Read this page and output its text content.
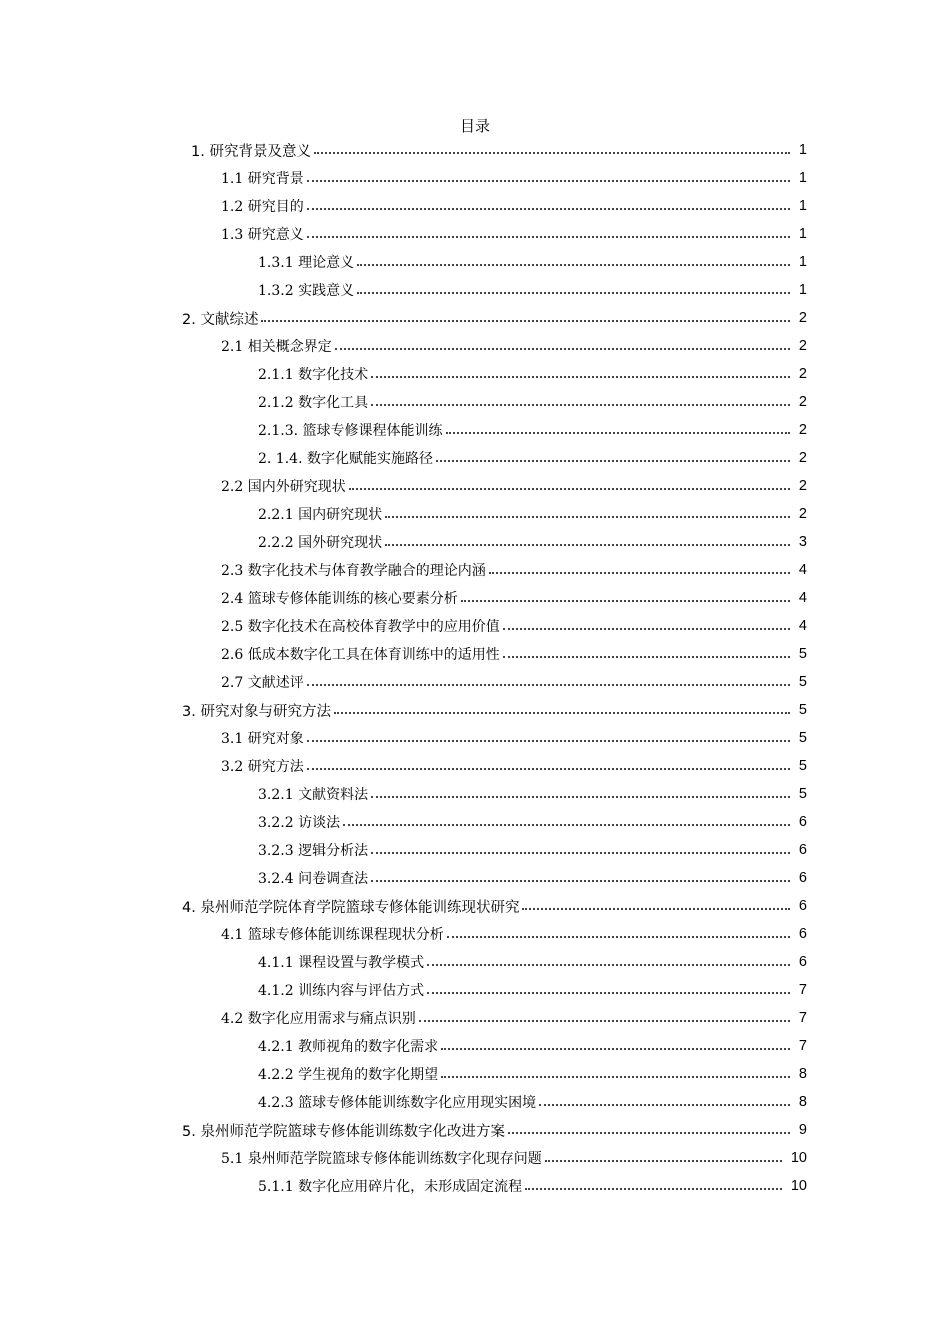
目录
1. 研究背景及意义	1
1.1 研究背景	1
1.2 研究目的	1
1.3 研究意义	1
1.3.1 理论意义	1
1.3.2 实践意义	1
2. 文献综述	2
2.1 相关概念界定	2
2.1.1 数字化技术	2
2.1.2 数字化工具	2
2.1.3. 篮球专修课程体能训练	2
2. 1.4. 数字化赋能实施路径	2
2.2 国内外研究现状	2
2.2.1 国内研究现状	2
2.2.2 国外研究现状	3
2.3 数字化技术与体育教学融合的理论内涵	4
2.4 篮球专修体能训练的核心要素分析	4
2.5 数字化技术在高校体育教学中的应用价值	4
2.6 低成本数字化工具在体育训练中的适用性	5
2.7 文献述评	5
3. 研究对象与研究方法	5
3.1 研究对象	5
3.2 研究方法	5
3.2.1 文献资料法	5
3.2.2 访谈法	6
3.2.3 逻辑分析法	6
3.2.4 问卷调查法	6
4. 泉州师范学院体育学院篮球专修体能训练现状研究	6
4.1 篮球专修体能训练课程现状分析	6
4.1.1 课程设置与教学模式	6
4.1.2 训练内容与评估方式	7
4.2 数字化应用需求与痛点识别	7
4.2.1 教师视角的数字化需求	7
4.2.2 学生视角的数字化期望	8
4.2.3 篮球专修体能训练数字化应用现实困境	8
5. 泉州师范学院篮球专修体能训练数字化改进方案	9
5.1 泉州师范学院篮球专修体能训练数字化现存问题	10
5.1.1 数字化应用碎片化，未形成固定流程	10
